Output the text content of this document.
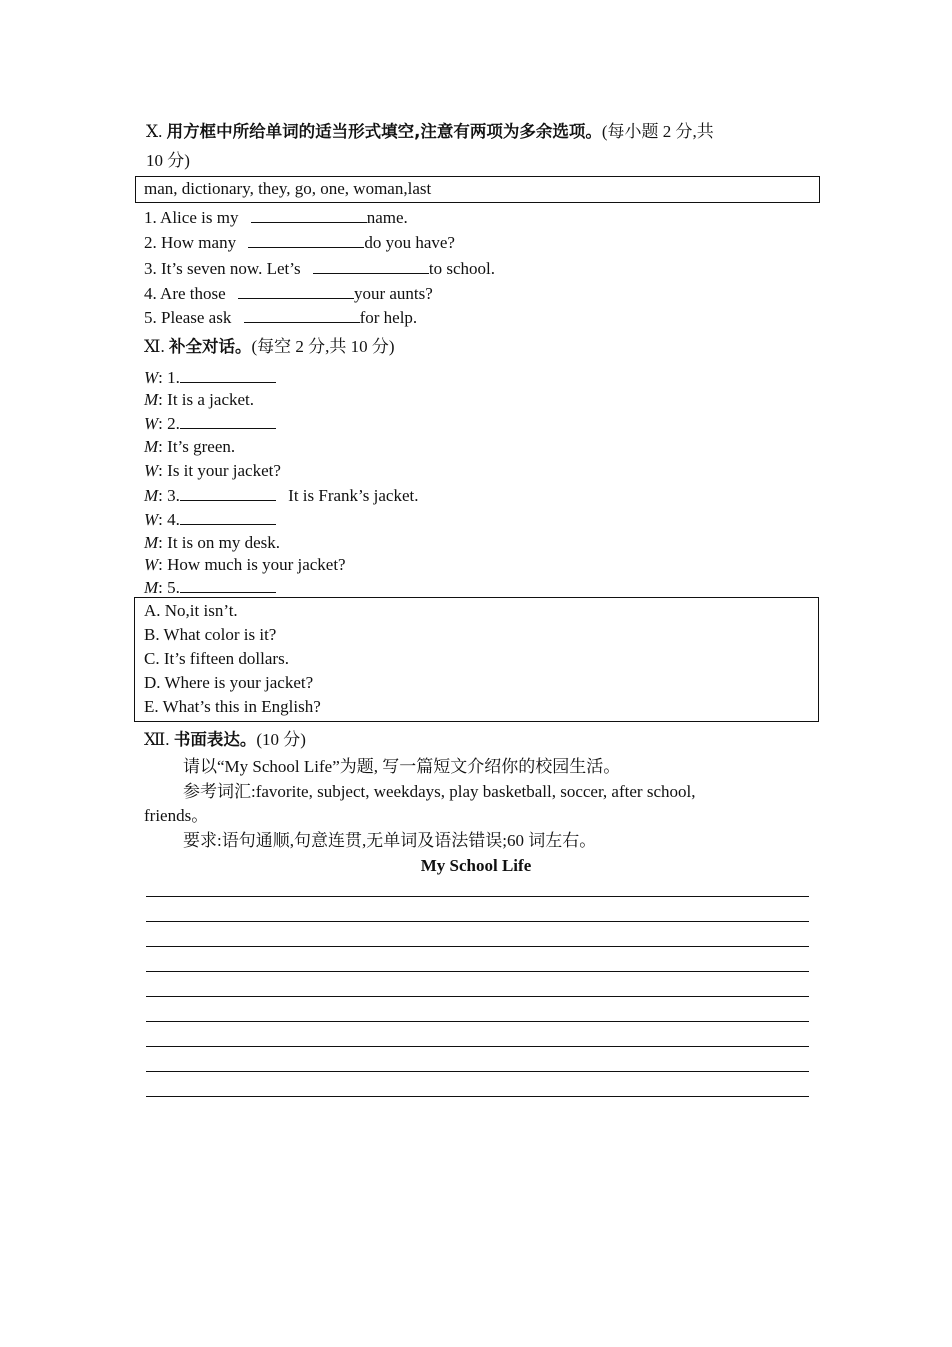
Ⅹ. 用方框中所给单词的适当形式填空,注意有两项为多余选项。(每小题 2 分,共
10 分)
man, dictionary, they, go, one, woman,last
1. Alice is my	name.
2. How many	do you have?
3. It’s seven now. Let’s	to school.
4. Are those	your aunts?
5. Please ask	for help.
Ⅺ. 补全对话。(每空 2 分,共 10 分)
W: 1.
M: It is a jacket.
W: 2.
M: It’s green.
W: Is it your jacket?
M: 3.	It is Frank’s jacket.
W: 4.
M: It is on my desk.
W: How much is your jacket?
M: 5.
A. No,it isn’t.
B. What color is it?
C. It’s fifteen dollars.
D. Where is your jacket?
E. What’s this in English?
Ⅻ. 书面表达。(10 分)
请以“My School Life”为题, 写一篇短文介绍你的校园生活。
参考词汇:favorite, subject, weekdays, play basketball, soccer, after school,
friends。
要求:语句通顺,句意连贯,无单词及语法错误;60 词左右。
My School Life
